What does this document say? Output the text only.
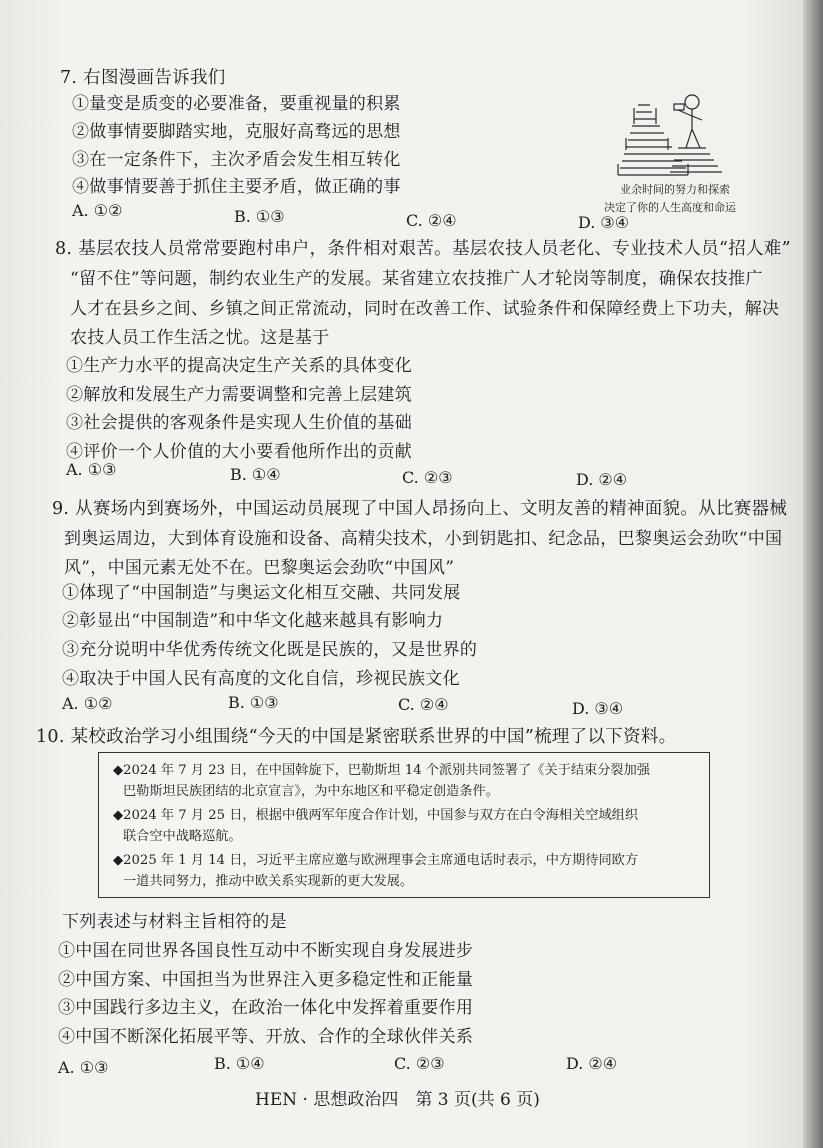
7. 右图漫画告诉我们
①量变是质变的必要准备，要重视量的积累
②做事情要脚踏实地，克服好高骛远的思想
③在一定条件下，主次矛盾会发生相互转化
④做事情要善于抓住主要矛盾，做正确的事
A. ①②	B. ①③	C. ②④	D. ③④
业余时间的努力和探索
决定了你的人生高度和命运
8. 基层农技人员常常要跑村串户，条件相对艰苦。基层农技人员老化、专业技术人员“招人难”
“留不住”等问题，制约农业生产的发展。某省建立农技推广人才轮岗等制度，确保农技推广
人才在县乡之间、乡镇之间正常流动，同时在改善工作、试验条件和保障经费上下功夫，解决
农技人员工作生活之忧。这是基于
①生产力水平的提高决定生产关系的具体变化
②解放和发展生产力需要调整和完善上层建筑
③社会提供的客观条件是实现人生价值的基础
④评价一个人价值的大小要看他所作出的贡献
A. ①③	B. ①④	C. ②③	D. ②④
9. 从赛场内到赛场外，中国运动员展现了中国人昂扬向上、文明友善的精神面貌。从比赛器械
到奥运周边，大到体育设施和设备、高精尖技术，小到钥匙扣、纪念品，巴黎奥运会劲吹“中国
风”，中国元素无处不在。巴黎奥运会劲吹“中国风”
①体现了“中国制造”与奥运文化相互交融、共同发展
②彰显出“中国制造”和中华文化越来越具有影响力
③充分说明中华优秀传统文化既是民族的，又是世界的
④取决于中国人民有高度的文化自信，珍视民族文化
A. ①②	B. ①③	C. ②④	D. ③④
10. 某校政治学习小组围绕“今天的中国是紧密联系世界的中国”梳理了以下资料。
◆2024 年 7 月 23 日，在中国斡旋下，巴勒斯坦 14 个派别共同签署了《关于结束分裂加强
巴勒斯坦民族团结的北京宣言》，为中东地区和平稳定创造条件。
◆2024 年 7 月 25 日，根据中俄两军年度合作计划，中国参与双方在白令海相关空域组织
联合空中战略巡航。
◆2025 年 1 月 14 日，习近平主席应邀与欧洲理事会主席通电话时表示，中方期待同欧方
一道共同努力，推动中欧关系实现新的更大发展。
下列表述与材料主旨相符的是
①中国在同世界各国良性互动中不断实现自身发展进步
②中国方案、中国担当为世界注入更多稳定性和正能量
③中国践行多边主义，在政治一体化中发挥着重要作用
④中国不断深化拓展平等、开放、合作的全球伙伴关系
A. ①③	B. ①④	C. ②③	D. ②④
HEN · 思想政治四　第 3 页(共 6 页)
